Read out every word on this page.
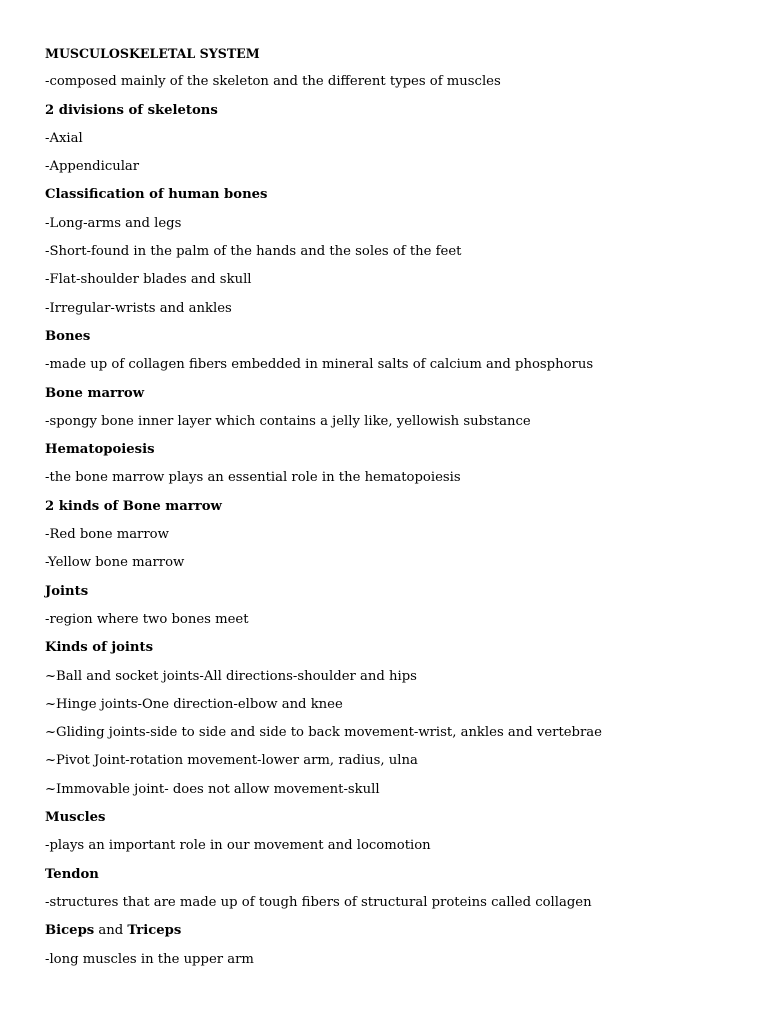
MUSCULOSKELETAL SYSTEM
-composed mainly of the skeleton and the different types of muscles
2 divisions of skeletons
-Axial
-Appendicular
Classification of human bones
-Long-arms and legs
-Short-found in the palm of the hands and the soles of the feet
-Flat-shoulder blades and skull
-Irregular-wrists and ankles
Bones
-made up of collagen fibers embedded in mineral salts of calcium and phosphorus
Bone marrow
-spongy bone inner layer which contains a jelly like, yellowish substance
Hematopoiesis
-the bone marrow plays an essential role in the hematopoiesis
2 kinds of Bone marrow
-Red bone marrow
-Yellow bone marrow
Joints
-region where two bones meet
Kinds of joints
~Ball and socket joints-All directions-shoulder and hips
~Hinge joints-One direction-elbow and knee
~Gliding joints-side to side and side to back movement-wrist, ankles and vertebrae
~Pivot Joint-rotation movement-lower arm, radius, ulna
~Immovable joint- does not allow movement-skull
Muscles
-plays an important role in our movement and locomotion
Tendon
-structures that are made up of tough fibers of structural proteins called collagen
Biceps and Triceps
-long muscles in the upper arm
